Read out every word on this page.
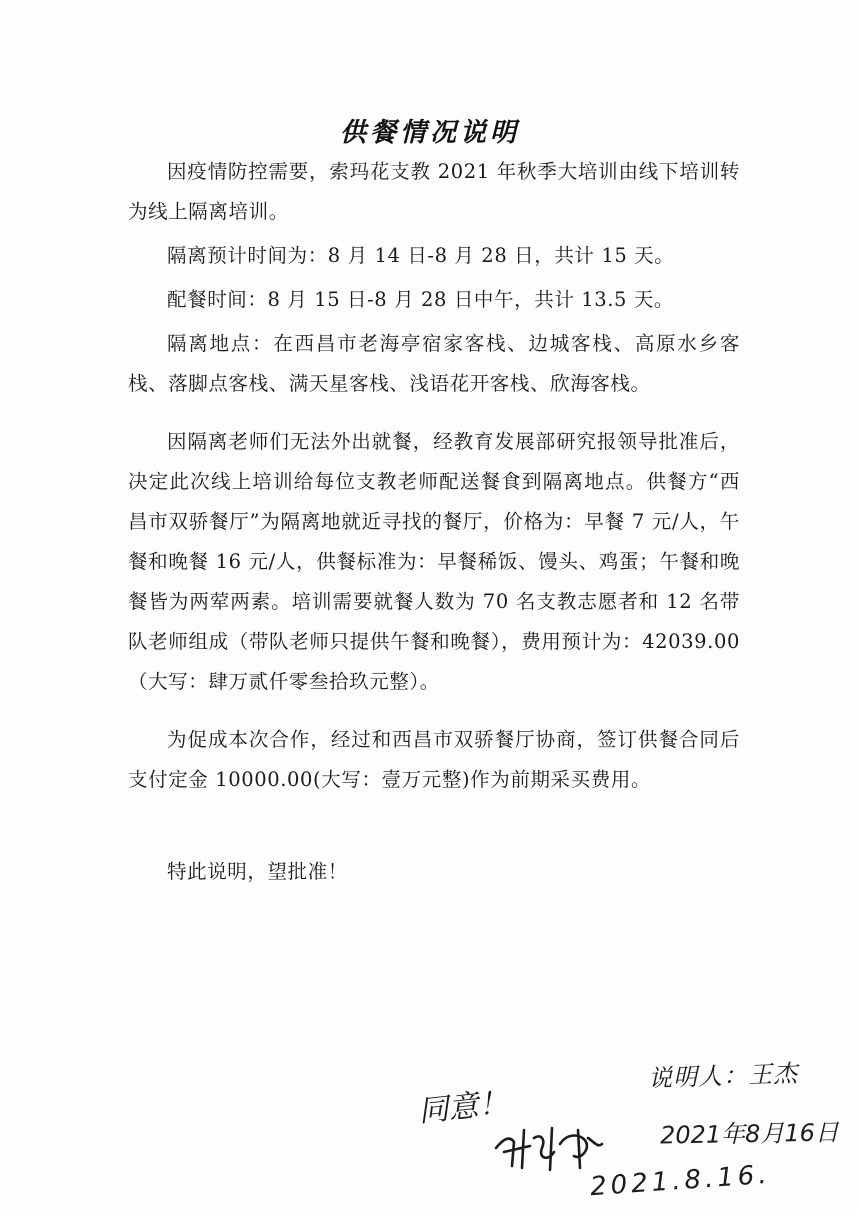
供餐情况说明

因疫情防控需要，索玛花支教 2021 年秋季大培训由线下培训转为线上隔离培训。

隔离预计时间为：8 月 14 日-8 月 28 日，共计 15 天。

配餐时间：8 月 15 日-8 月 28 日中午，共计 13.5 天。

隔离地点：在西昌市老海亭宿家客栈、边城客栈、高原水乡客栈、落脚点客栈、满天星客栈、浅语花开客栈、欣海客栈。

因隔离老师们无法外出就餐，经教育发展部研究报领导批准后，决定此次线上培训给每位支教老师配送餐食到隔离地点。供餐方“西昌市双骄餐厅”为隔离地就近寻找的餐厅，价格为：早餐 7 元/人，午餐和晚餐 16 元/人，供餐标准为：早餐稀饭、馒头、鸡蛋；午餐和晚餐皆为两荤两素。培训需要就餐人数为 70 名支教志愿者和 12 名带队老师组成（带队老师只提供午餐和晚餐），费用预计为：42039.00（大写：肆万贰仟零叁拾玖元整）。

为促成本次合作，经过和西昌市双骄餐厅协商，签订供餐合同后支付定金 10000.00(大写：壹万元整)作为前期采买费用。

特此说明，望批准！

说明人：王杰
2021年8月16日
同意！
2021.8.16.
